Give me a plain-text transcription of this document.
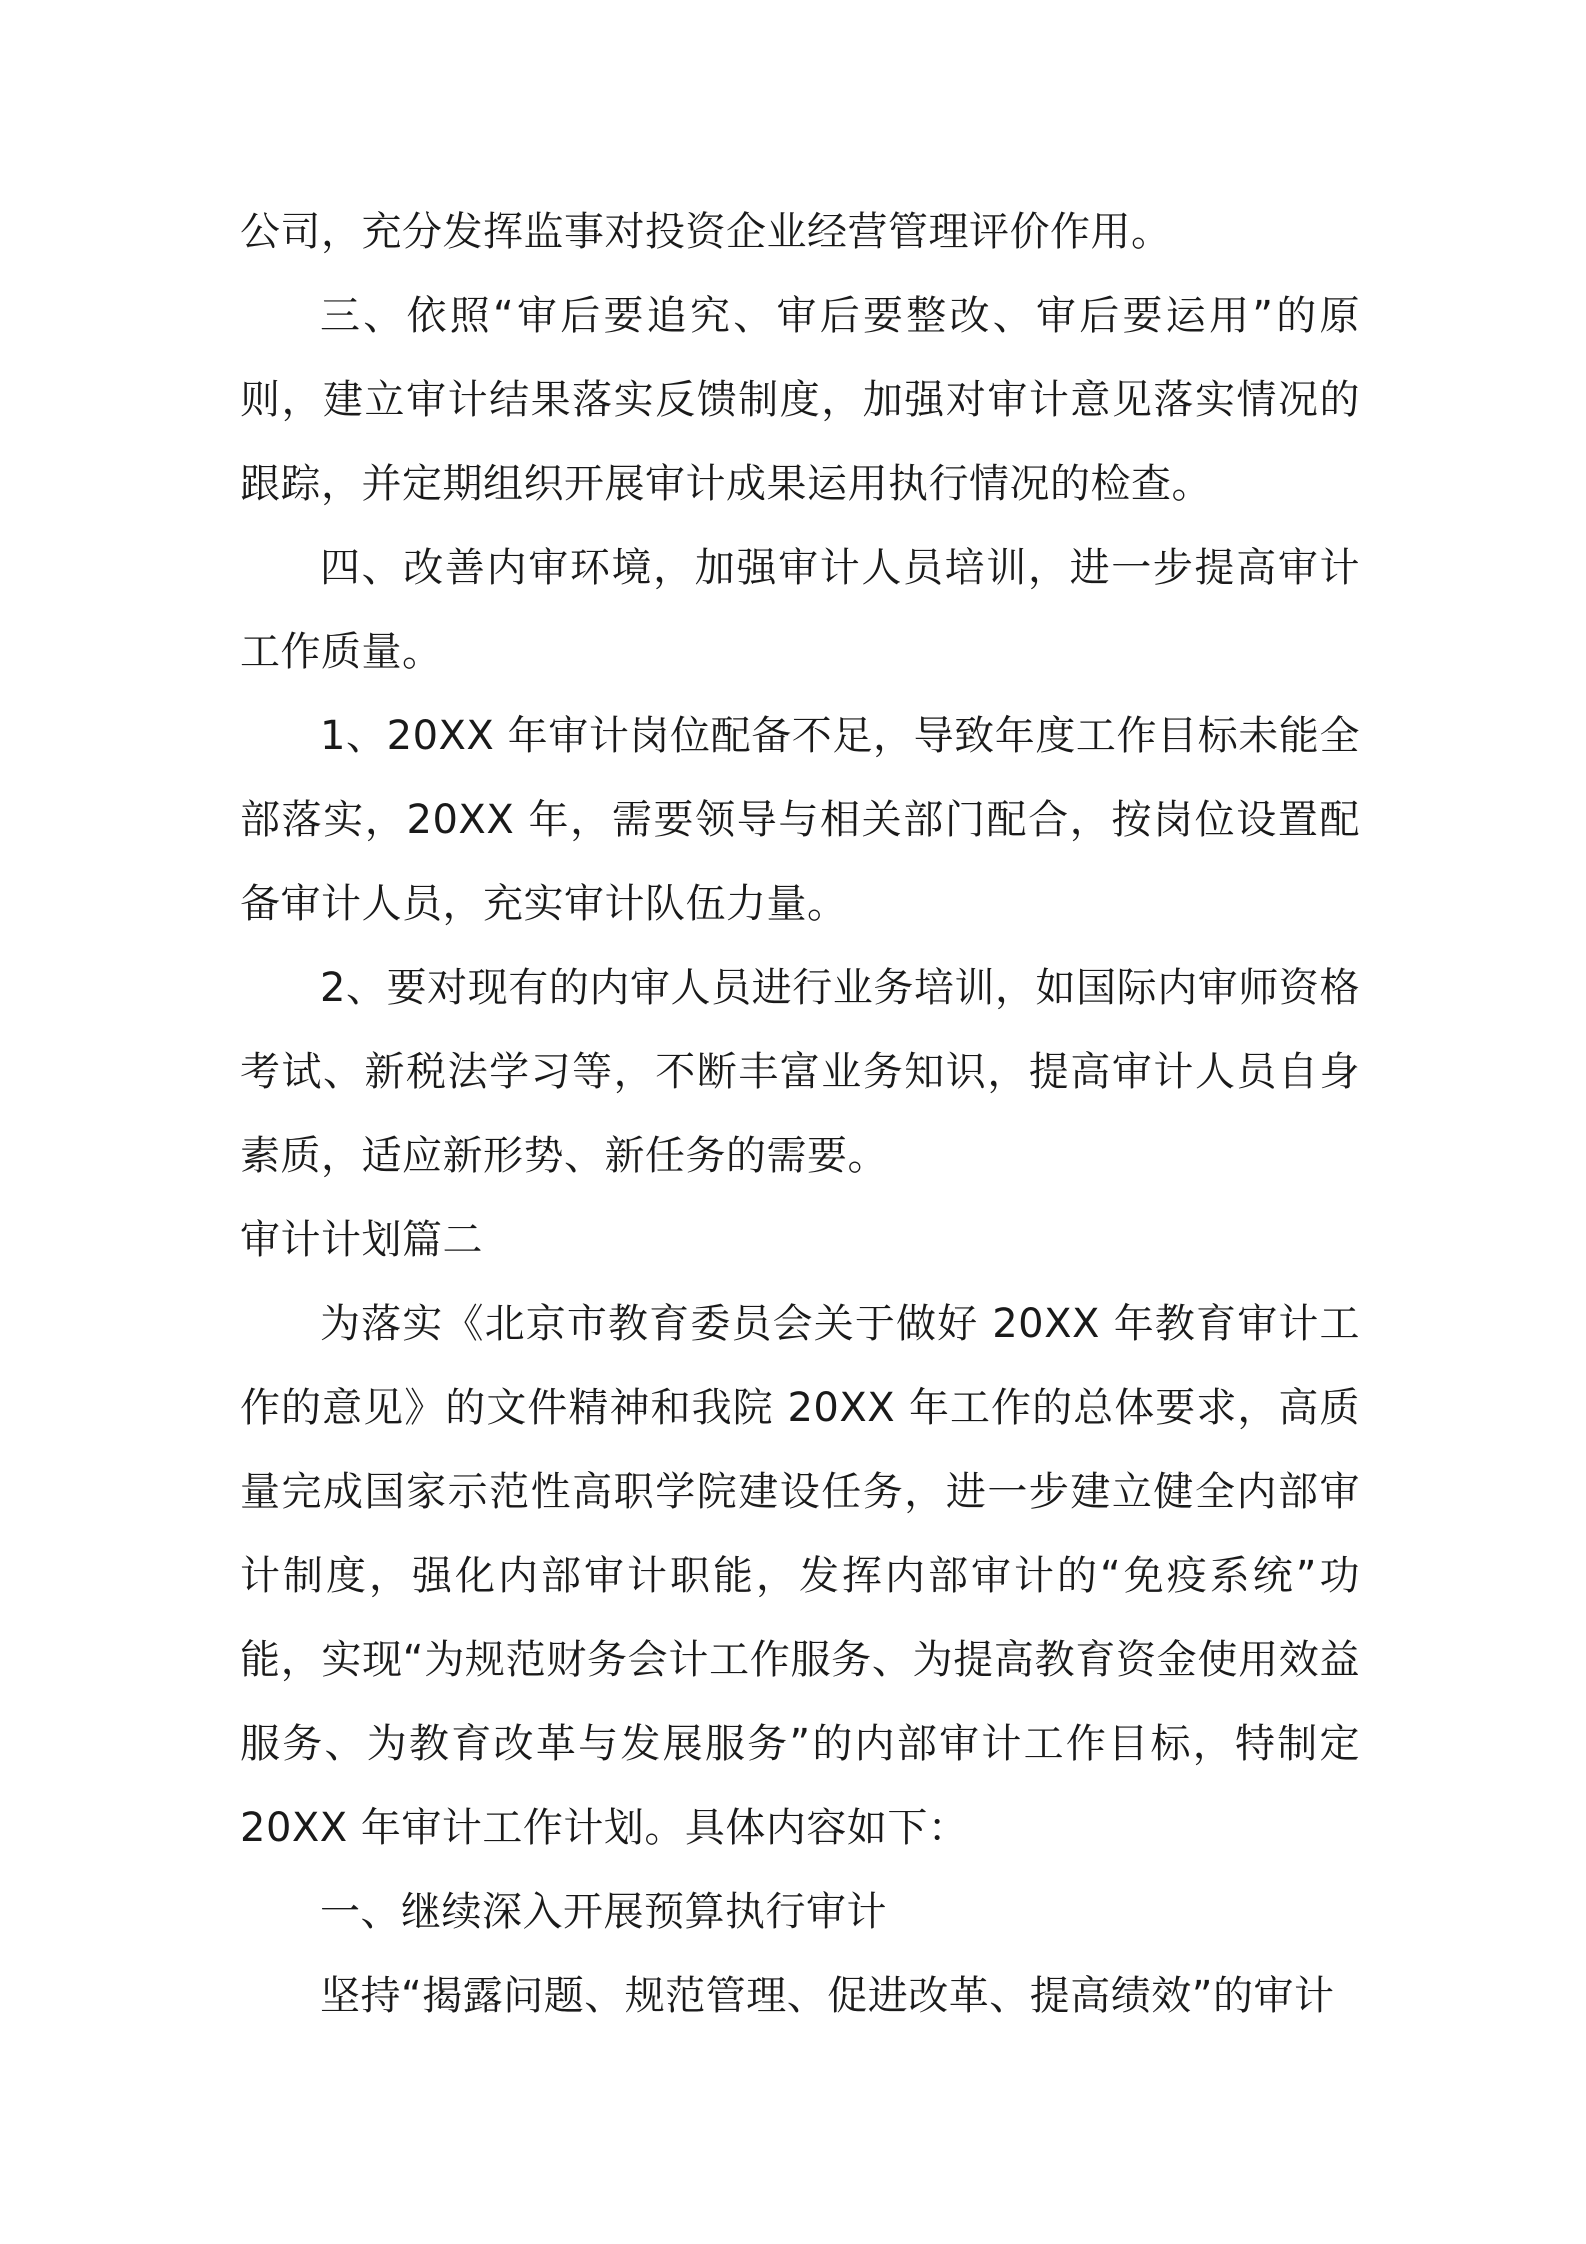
公司，充分发挥监事对投资企业经营管理评价作用。

三、依照“审后要追究、审后要整改、审后要运用”的原则，建立审计结果落实反馈制度，加强对审计意见落实情况的跟踪，并定期组织开展审计成果运用执行情况的检查。

四、改善内审环境，加强审计人员培训，进一步提高审计工作质量。

1、20XX 年审计岗位配备不足，导致年度工作目标未能全部落实，20XX 年，需要领导与相关部门配合，按岗位设置配备审计人员，充实审计队伍力量。

2、要对现有的内审人员进行业务培训，如国际内审师资格考试、新税法学习等，不断丰富业务知识，提高审计人员自身素质，适应新形势、新任务的需要。

审计计划篇二

为落实《北京市教育委员会关于做好 20XX 年教育审计工作的意见》的文件精神和我院 20XX 年工作的总体要求，高质量完成国家示范性高职学院建设任务，进一步建立健全内部审计制度，强化内部审计职能，发挥内部审计的“免疫系统”功能，实现“为规范财务会计工作服务、为提高教育资金使用效益服务、为教育改革与发展服务”的内部审计工作目标，特制定 20XX 年审计工作计划。具体内容如下：

一、继续深入开展预算执行审计

坚持“揭露问题、规范管理、促进改革、提高绩效”的审计
